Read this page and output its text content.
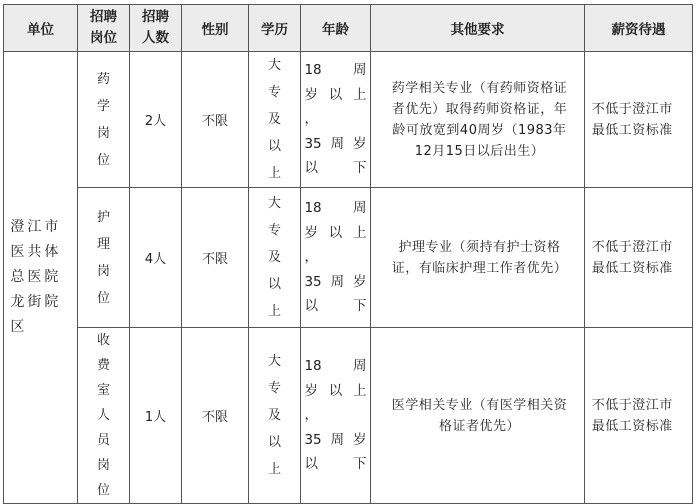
单位	招聘岗位	招聘人数	性别	学历	年龄	其他要求	薪资待遇

澄江市医共体总医院龙街院区	药学岗位	2人	不限	大专及以上	18　周
岁以上
，
35周岁
以下	药学相关专业（有药师资格证者优先）取得药师资格证，年龄可放宽到40周岁（1983年12月15日以后出生）	不低于澄江市最低工资标准

	护理岗位	4人	不限	大专及以上	18　周
岁以上
，
35周岁
以下	护理专业（须持有护士资格证，有临床护理工作者优先）	不低于澄江市最低工资标准

	收费室人员岗位	1人	不限	大专及以上	18　周
岁以上
，
35周岁
以下	医学相关专业（有医学相关资格证者优先）	不低于澄江市最低工资标准
